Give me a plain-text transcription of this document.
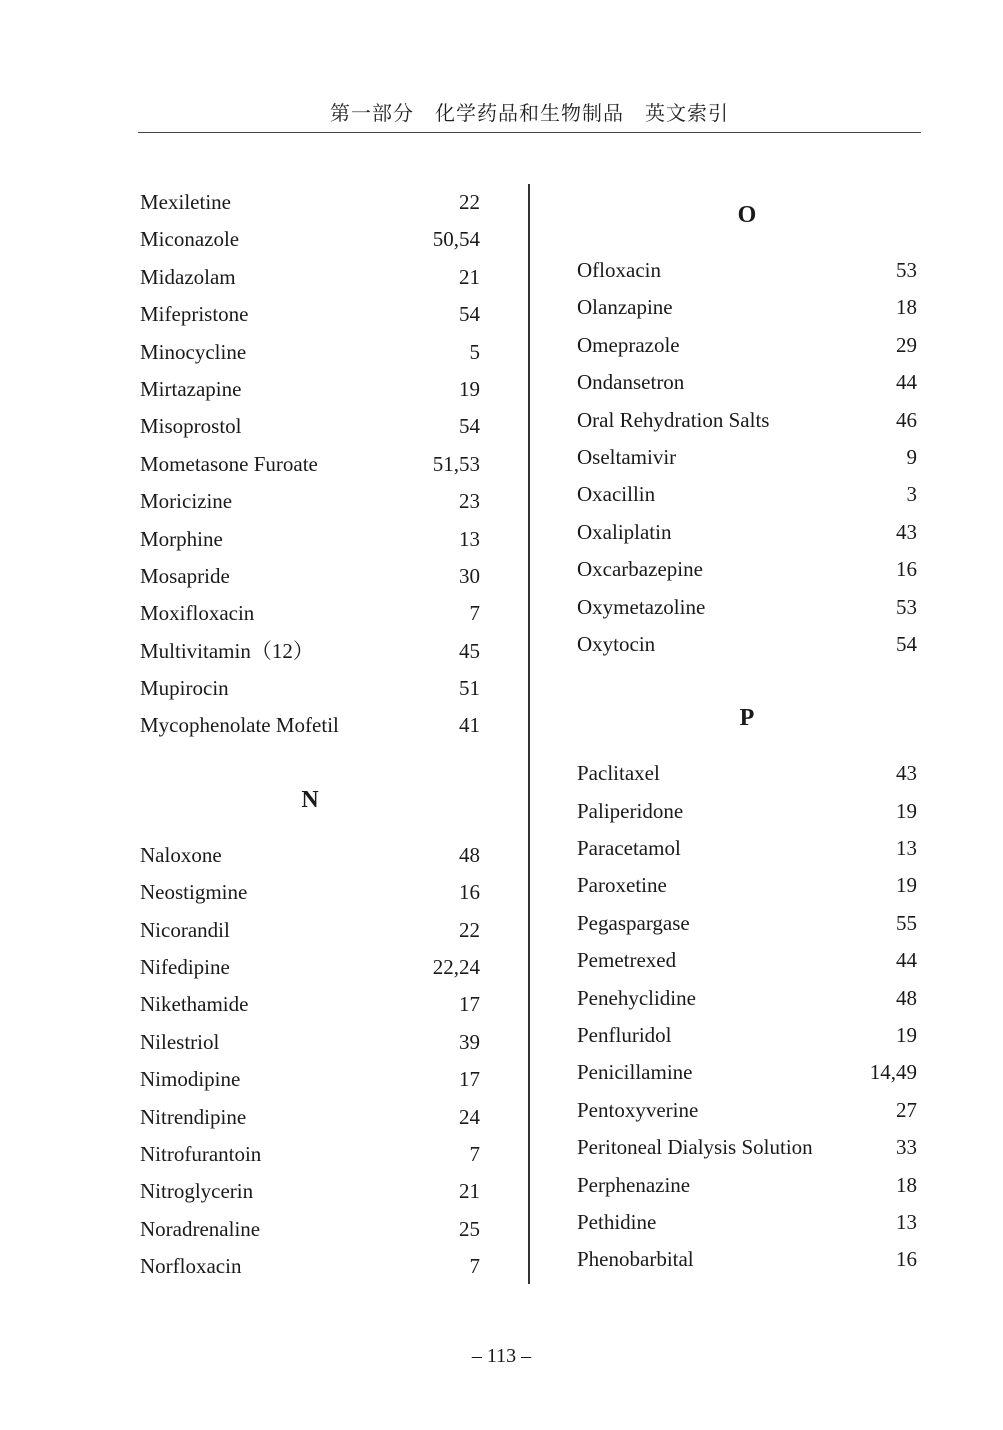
第一部分　化学药品和生物制品　英文索引
Mexiletine	22
Miconazole	50,54
Midazolam	21
Mifepristone	54
Minocycline	5
Mirtazapine	19
Misoprostol	54
Mometasone Furoate	51,53
Moricizine	23
Morphine	13
Mosapride	30
Moxifloxacin	7
Multivitamin（12）	45
Mupirocin	51
Mycophenolate Mofetil	41
N
Naloxone	48
Neostigmine	16
Nicorandil	22
Nifedipine	22,24
Nikethamide	17
Nilestriol	39
Nimodipine	17
Nitrendipine	24
Nitrofurantoin	7
Nitroglycerin	21
Noradrenaline	25
Norfloxacin	7
O
Ofloxacin	53
Olanzapine	18
Omeprazole	29
Ondansetron	44
Oral Rehydration Salts	46
Oseltamivir	9
Oxacillin	3
Oxaliplatin	43
Oxcarbazepine	16
Oxymetazoline	53
Oxytocin	54
P
Paclitaxel	43
Paliperidone	19
Paracetamol	13
Paroxetine	19
Pegaspargase	55
Pemetrexed	44
Penehyclidine	48
Penfluridol	19
Penicillamine	14,49
Pentoxyverine	27
Peritoneal Dialysis Solution	33
Perphenazine	18
Pethidine	13
Phenobarbital	16
– 113 –
